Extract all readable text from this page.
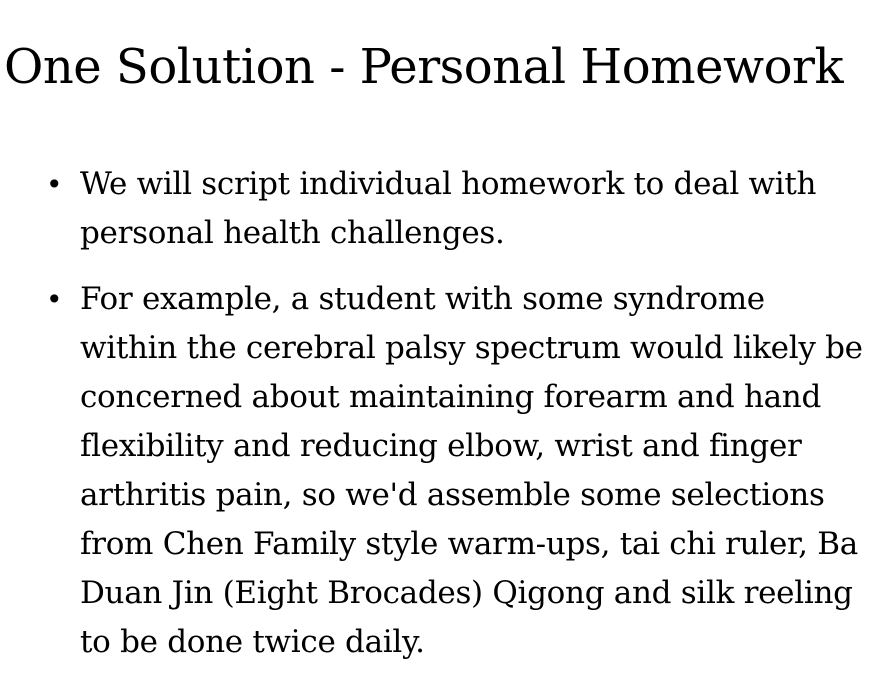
One Solution - Personal Homework
• We will script individual homework to deal with personal health challenges.
• For example, a student with some syndrome within the cerebral palsy spectrum would likely be concerned about maintaining forearm and hand flexibility and reducing elbow, wrist and finger arthritis pain, so we'd assemble some selections from Chen Family style warm-ups, tai chi ruler, Ba Duan Jin (Eight Brocades) Qigong and silk reeling to be done twice daily.
